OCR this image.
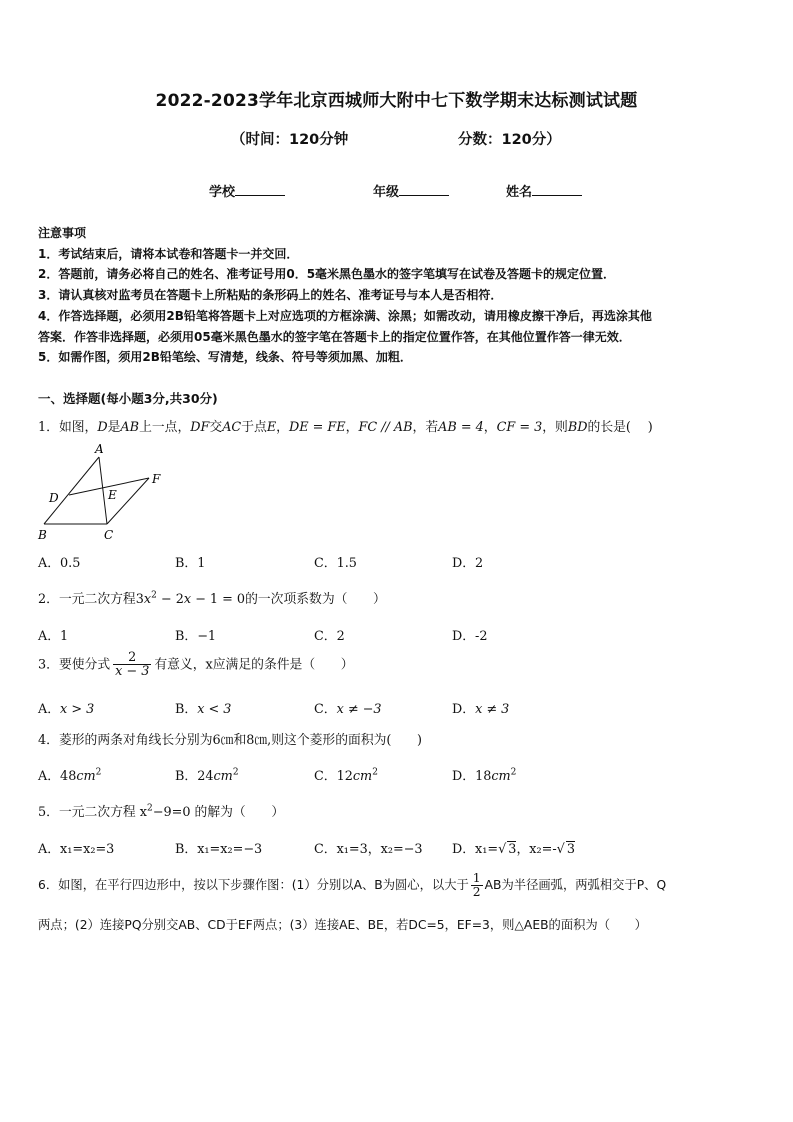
2022-2023学年北京西城师大附中七下数学期末达标测试试题
（时间：120分钟	分数：120分）
学校	年级	姓名
注意事项
1．考试结束后，请将本试卷和答题卡一并交回．
2．答题前，请务必将自己的姓名、准考证号用0．5毫米黑色墨水的签字笔填写在试卷及答题卡的规定位置．
3．请认真核对监考员在答题卡上所粘贴的条形码上的姓名、准考证号与本人是否相符．
4．作答选择题，必须用2B铅笔将答题卡上对应选项的方框涂满、涂黑；如需改动，请用橡皮擦干净后，再选涂其他
答案．作答非选择题，必须用05毫米黑色墨水的签字笔在答题卡上的指定位置作答，在其他位置作答一律无效．
5．如需作图，须用2B铅笔绘、写清楚，线条、符号等须加黑、加粗．
一、选择题(每小题3分,共30分)
1．如图，D是AB上一点，DF交AC于点E，DE = FE，FC // AB，若AB = 4，CF = 3，则BD的长是(　 )
A
B	C
D	E
F
A．0.5	B．1	C．1.5	D．2
2．一元二次方程$3x^2 - 2x - 1 = 0$的一次项系数为（　　）
A．1	B．−1	C．2	D．-2
3．要使分式 $\frac{2}{x - 3}$ 有意义，x应满足的条件是（　　）
A．x > 3	B．x < 3	C．x ≠ −3	D．x ≠ 3
4．菱形的两条对角线长分别为6㎝和8㎝,则这个菱形的面积为(　　)
A．$48cm^2$	B．$24cm^2$	C．$12cm^2$	D．$18cm^2$
5．一元二次方程 $x^2-9=0$ 的解为（　　）
A．x₁=x₂=3	B．x₁=x₂=−3	C．x₁=3，x₂=−3 D．x₁=√ 3，x₂=-√ 3
6．如图，在平行四边形中，按以下步骤作图：(1）分别以A、B为圆心，以大于 $\frac{1}{2}$ AB为半径画弧，两弧相交于P、Q
两点；(2）连接PQ分别交AB、CD于EF两点；(3）连接AE、BE，若DC=5，EF=3，则△AEB的面积为（　　）
